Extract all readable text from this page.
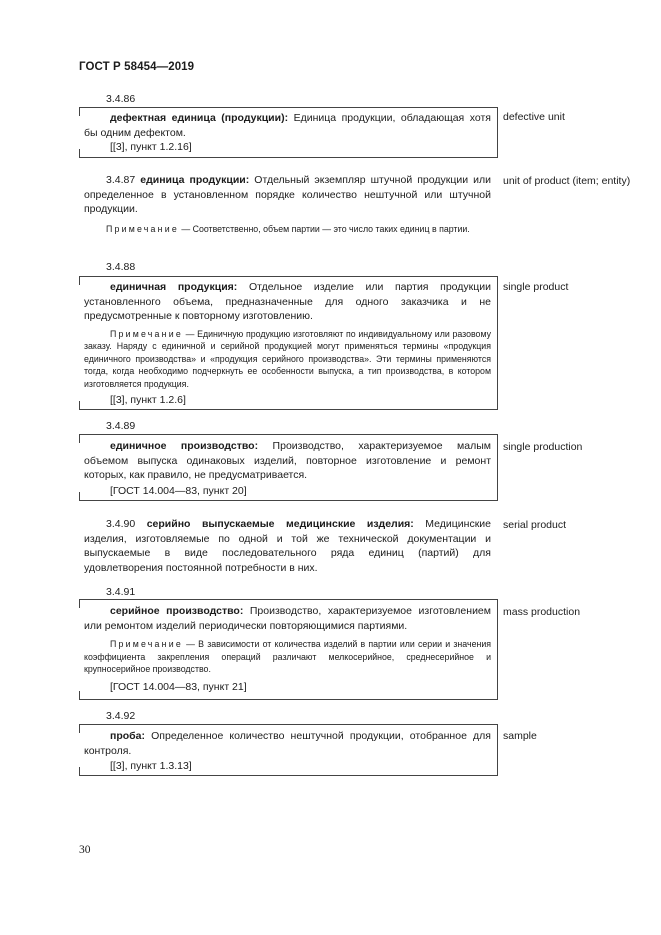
ГОСТ Р 58454—2019
3.4.86

дефектная единица (продукции): Единица продукции, обладающая хотя бы одним дефектом.

[[3], пункт 1.2.16]

defective unit

3.4.87 единица продукции: Отдельный экземпляр штучной продукции или определенное в установленном порядке количество нештучной или штучной продукции.

Примечание — Соответственно, объем партии — это число таких единиц в партии.

unit of product (item; entity)
3.4.88

единичная продукция: Отдельное изделие или партия продукции установленного объема, предназначенные для одного заказчика и не предусмотренные к повторному изготовлению.

Примечание — Единичную продукцию изготовляют по индивидуальному или разовому заказу. Наряду с единичной и серийной продукцией могут применяться термины «продукция единичного производства» и «продукция серийного производства». Эти термины применяются тогда, когда необходимо подчеркнуть ее особенности выпуска, а тип производства, в котором изготовляется продукция.

[[3], пункт 1.2.6]

single product
3.4.89

единичное производство: Производство, характеризуемое малым объемом выпуска одинаковых изделий, повторное изготовление и ремонт которых, как правило, не предусматривается.

[ГОСТ 14.004—83, пункт 20]

single production

3.4.90 серийно выпускаемые медицинские изделия: Медицинские изделия, изготовляемые по одной и той же технической документации и выпускаемые в виде последовательного ряда единиц (партий) для удовлетворения постоянной потребности в них.

serial product
3.4.91

серийное производство: Производство, характеризуемое изготовлением или ремонтом изделий периодически повторяющимися партиями.

Примечание — В зависимости от количества изделий в партии или серии и значения коэффициента закрепления операций различают мелкосерийное, среднесерийное и крупносерийное производство.

[ГОСТ 14.004—83, пункт 21]

mass production
3.4.92

проба: Определенное количество нештучной продукции, отобранное для контроля.

[[3], пункт 1.3.13]

sample
30
